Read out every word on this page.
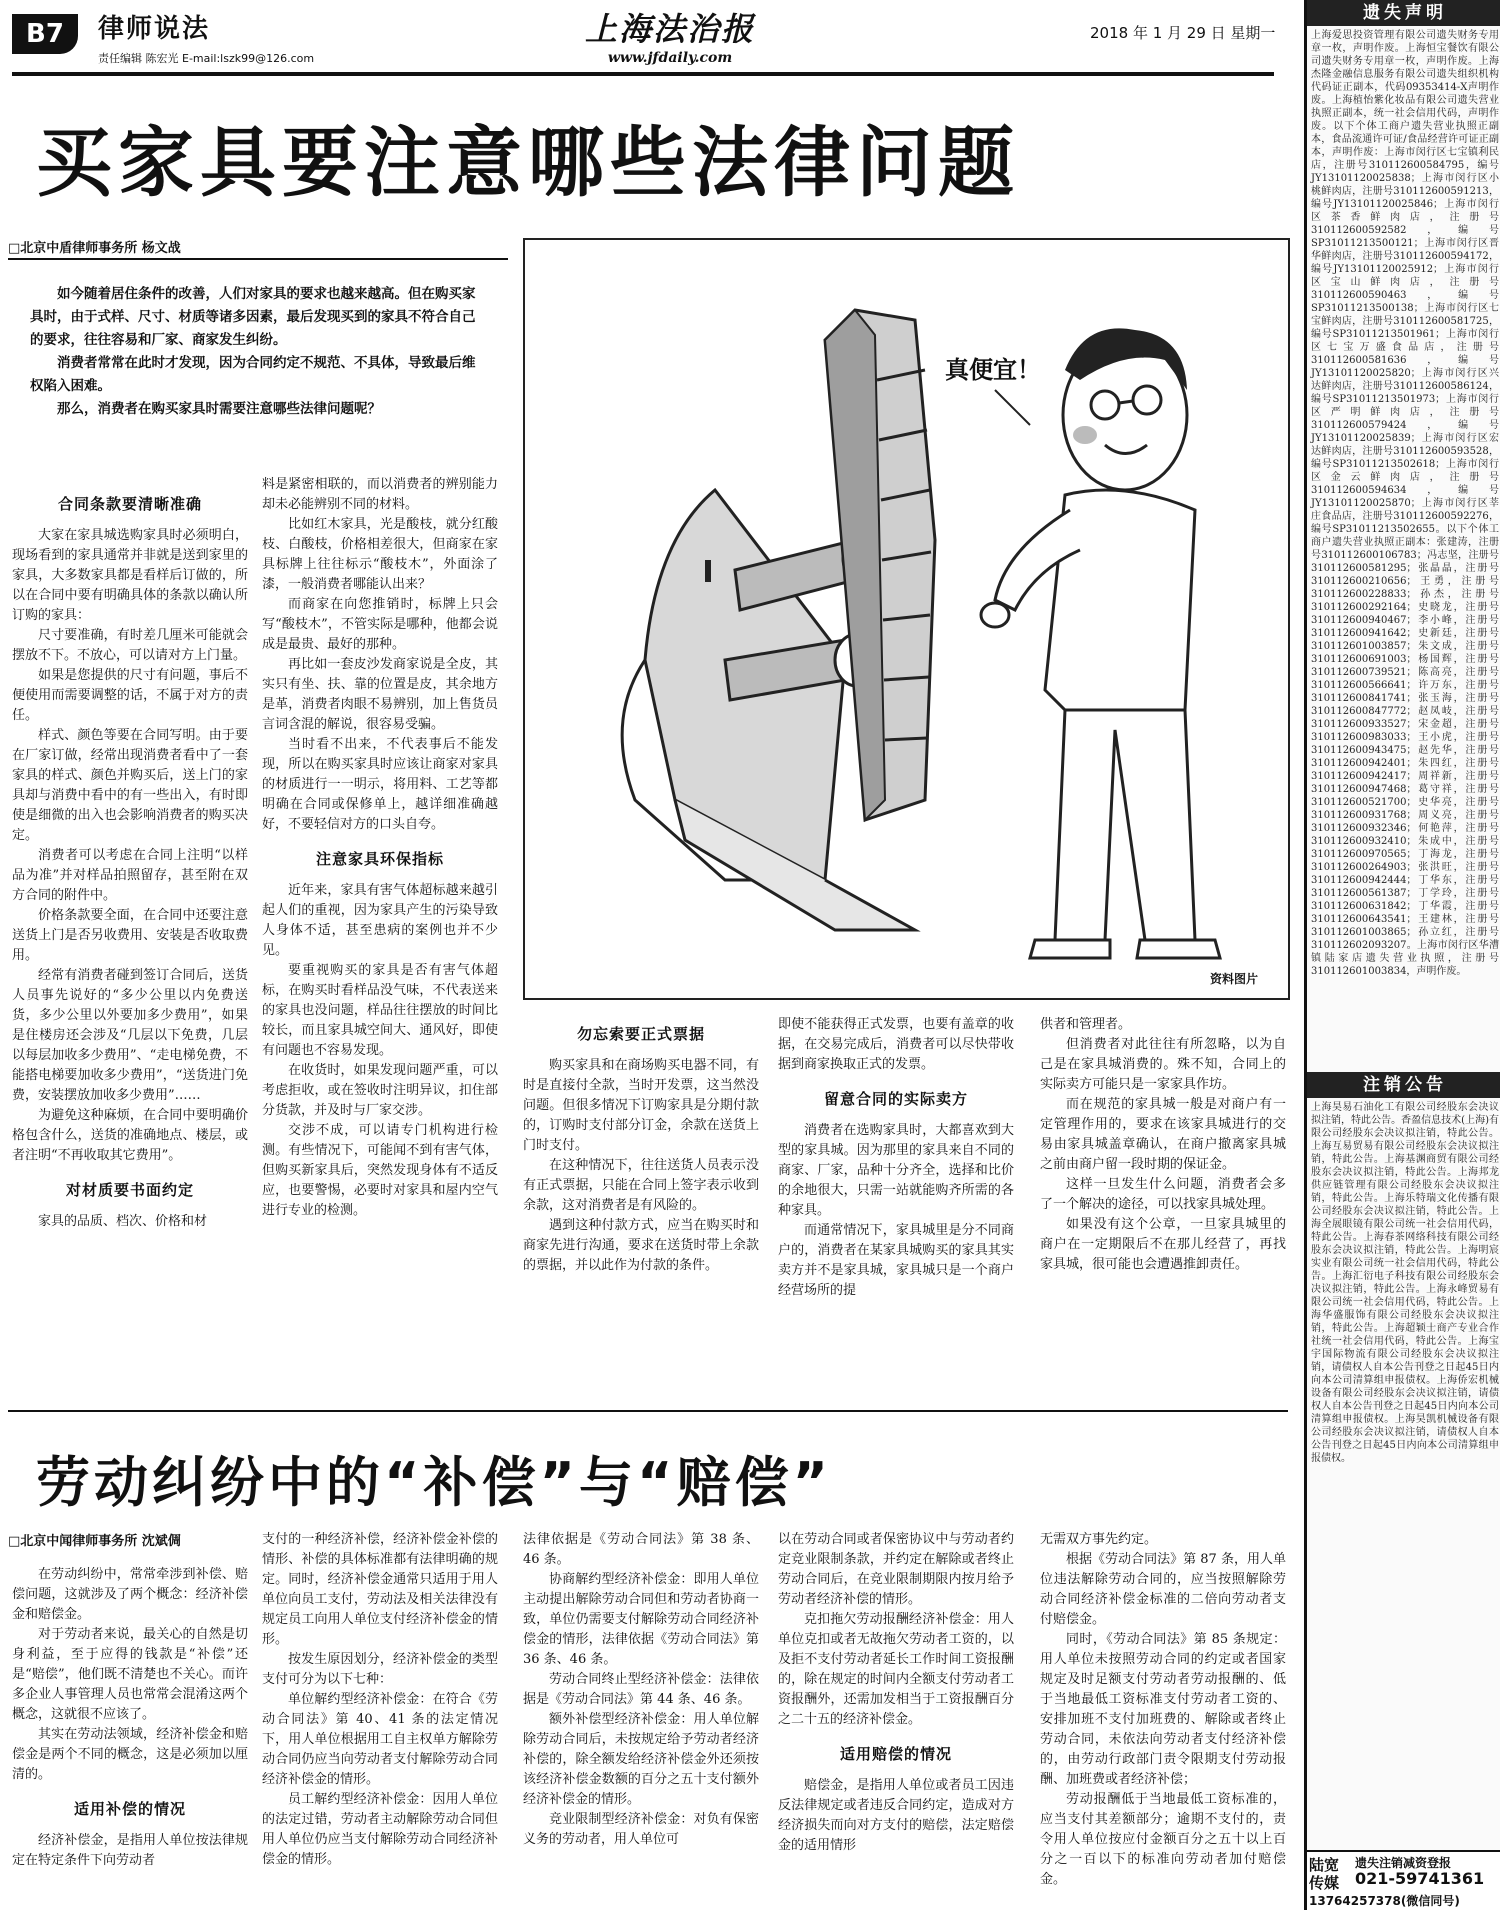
B7	律师说法
责任编辑 陈宏光 E-mail:lszk99@126.com
上海法治报
www.jfdaily.com
2018 年 1 月 29 日 星期一
买家具要注意哪些法律问题
□北京中盾律师事务所 杨文战

如今随着居住条件的改善，人们对家具的要求也越来越高。但在购买家具时，由于式样、尺寸、材质等诸多因素，最后发现买到的家具不符合自己的要求，往往容易和厂家、商家发生纠纷。

消费者常常在此时才发现，因为合同约定不规范、不具体，导致最后维权陷入困难。

那么，消费者在购买家具时需要注意哪些法律问题呢？

真便宜！
资料图片
合同条款要清晰准确

大家在家具城选购家具时必须明白，现场看到的家具通常并非就是送到家里的家具，大多数家具都是看样后订做的，所以在合同中要有明确具体的条款以确认所订购的家具：

尺寸要准确，有时差几厘米可能就会摆放不下。不放心，可以请对方上门量。

如果是您提供的尺寸有问题，事后不便使用而需要调整的话，不属于对方的责任。

样式、颜色等要在合同写明。由于要在厂家订做，经常出现消费者看中了一套家具的样式、颜色并购买后，送上门的家具却与消费中看中的有一些出入，有时即使是细微的出入也会影响消费者的购买决定。

消费者可以考虑在合同上注明“以样品为准”并对样品拍照留存，甚至附在双方合同的附件中。

价格条款要全面，在合同中还要注意送货上门是否另收费用、安装是否收取费用。

经常有消费者碰到签订合同后，送货人员事先说好的“多少公里以内免费送货，多少公里以外要加多少费用”，如果是住楼房还会涉及“几层以下免费，几层以每层加收多少费用”、“走电梯免费，不能搭电梯要加收多少费用”，“送货进门免费，安装摆放加收多少费用”……

为避免这种麻烦，在合同中要明确价格包含什么，送货的准确地点、楼层，或者注明“不再收取其它费用”。

对材质要书面约定

家具的品质、档次、价格和材

料是紧密相联的，而以消费者的辨别能力却未必能辨别不同的材料。

比如红木家具，光是酸枝，就分红酸枝、白酸枝，价格相差很大，但商家在家具标牌上往往标示“酸枝木”，外面涂了漆，一般消费者哪能认出来？

而商家在向您推销时，标牌上只会写“酸枝木”，不管实际是哪种，他都会说成是最贵、最好的那种。

再比如一套皮沙发商家说是全皮，其实只有坐、扶、靠的位置是皮，其余地方是革，消费者肉眼不易辨别，加上售货员言词含混的解说，很容易受骗。

当时看不出来，不代表事后不能发现，所以在购买家具时应该让商家对家具的材质进行一一明示，将用料、工艺等都明确在合同或保修单上，越详细准确越好，不要轻信对方的口头自夸。

注意家具环保指标

近年来，家具有害气体超标越来越引起人们的重视，因为家具产生的污染导致人身体不适，甚至患病的案例也并不少见。

要重视购买的家具是否有害气体超标，在购买时看样品没气味，不代表送来的家具也没问题，样品往往摆放的时间比较长，而且家具城空间大、通风好，即使有问题也不容易发现。

在收货时，如果发现问题严重，可以考虑拒收，或在签收时注明异议，扣住部分货款，并及时与厂家交涉。

交涉不成，可以请专门机构进行检测。有些情况下，可能闻不到有害气体，但购买新家具后，突然发现身体有不适反应，也要警惕，必要时对家具和屋内空气进行专业的检测。

勿忘索要正式票据

购买家具和在商场购买电器不同，有时是直接付全款，当时开发票，这当然没问题。但很多情况下订购家具是分期付款的，订购时支付部分订金，余款在送货上门时支付。

在这种情况下，往往送货人员表示没有正式票据，只能在合同上签字表示收到余款，这对消费者是有风险的。

遇到这种付款方式，应当在购买时和商家先进行沟通，要求在送货时带上余款的票据，并以此作为付款的条件。

即使不能获得正式发票，也要有盖章的收据，在交易完成后，消费者可以尽快带收据到商家换取正式的发票。

留意合同的实际卖方

消费者在选购家具时，大都喜欢到大型的家具城。因为那里的家具来自不同的商家、厂家，品种十分齐全，选择和比价的余地很大，只需一站就能购齐所需的各种家具。

而通常情况下，家具城里是分不同商户的，消费者在某家具城购买的家具其实卖方并不是家具城，家具城只是一个商户经营场所的提

供者和管理者。

但消费者对此往往有所忽略，以为自己是在家具城消费的。殊不知，合同上的实际卖方可能只是一家家具作坊。

而在规范的家具城一般是对商户有一定管理作用的，要求在该家具城进行的交易由家具城盖章确认，在商户撤离家具城之前由商户留一段时期的保证金。

这样一旦发生什么问题，消费者会多了一个解决的途径，可以找家具城处理。

如果没有这个公章，一旦家具城里的商户在一定期限后不在那儿经营了，再找家具城，很可能也会遭遇推卸责任。

劳动纠纷中的“补偿”与“赔偿”
□北京中闻律师事务所 沈斌倜

在劳动纠纷中，常常牵涉到补偿、赔偿问题，这就涉及了两个概念：经济补偿金和赔偿金。

对于劳动者来说，最关心的自然是切身利益，至于应得的钱款是“补偿”还是“赔偿”，他们既不清楚也不关心。而许多企业人事管理人员也常常会混淆这两个概念，这就很不应该了。

其实在劳动法领域，经济补偿金和赔偿金是两个不同的概念，这是必须加以厘清的。

适用补偿的情况

经济补偿金，是指用人单位按法律规定在特定条件下向劳动者

支付的一种经济补偿，经济补偿金补偿的情形、补偿的具体标准都有法律明确的规定。同时，经济补偿金通常只适用于用人单位向员工支付，劳动法及相关法律没有规定员工向用人单位支付经济补偿金的情形。

按发生原因划分，经济补偿金的类型支付可分为以下七种：

单位解约型经济补偿金：在符合《劳动合同法》第 40、41 条的法定情况下，用人单位根据用工自主权单方解除劳动合同仍应当向劳动者支付解除劳动合同经济补偿金的情形。

员工解约型经济补偿金：因用人单位的法定过错，劳动者主动解除劳动合同但用人单位仍应当支付解除劳动合同经济补偿金的情形。

法律依据是《劳动合同法》第 38 条、46 条。

协商解约型经济补偿金：即用人单位主动提出解除劳动合同但和劳动者协商一致，单位仍需要支付解除劳动合同经济补偿金的情形，法律依据《劳动合同法》第 36 条、46 条。

劳动合同终止型经济补偿金：法律依据是《劳动合同法》第 44 条、46 条。

额外补偿型经济补偿金：用人单位解除劳动合同后，未按规定给予劳动者经济补偿的，除全额发给经济补偿金外还须按该经济补偿金数额的百分之五十支付额外经济补偿金的情形。

竞业限制型经济补偿金：对负有保密义务的劳动者，用人单位可

以在劳动合同或者保密协议中与劳动者约定竞业限制条款，并约定在解除或者终止劳动合同后，在竞业限制期限内按月给予劳动者经济补偿的情形。

克扣拖欠劳动报酬经济补偿金：用人单位克扣或者无故拖欠劳动者工资的，以及拒不支付劳动者延长工作时间工资报酬的，除在规定的时间内全额支付劳动者工资报酬外，还需加发相当于工资报酬百分之二十五的经济补偿金。

适用赔偿的情况

赔偿金，是指用人单位或者员工因违反法律规定或者违反合同约定，造成对方经济损失而向对方支付的赔偿，法定赔偿金的适用情形

无需双方事先约定。

根据《劳动合同法》第 87 条，用人单位违法解除劳动合同的，应当按照解除劳动合同经济补偿金标准的二倍向劳动者支付赔偿金。

同时，《劳动合同法》第 85 条规定：用人单位未按照劳动合同的约定或者国家规定及时足额支付劳动者劳动报酬的、低于当地最低工资标准支付劳动者工资的、安排加班不支付加班费的、解除或者终止劳动合同，未依法向劳动者支付经济补偿的，由劳动行政部门责令限期支付劳动报酬、加班费或者经济补偿；

劳动报酬低于当地最低工资标准的，应当支付其差额部分；逾期不支付的，责令用人单位按应付金额百分之五十以上百分之一百以下的标准向劳动者加付赔偿金。

遗失声明
上海爱思投资管理有限公司遗失财务专用章一枚，声明作废。上海恒宝餐饮有限公司遗失财务专用章一枚，声明作废。上海杰隆金融信息服务有限公司遗失组织机构代码证正副本，代码09353414-X声明作废。上海植怡紫化妆品有限公司遗失营业执照正副本，统一社会信用代码，声明作废。以下个体工商户遗失营业执照正副本，食品流通许可证/食品经营许可证正副本，声明作废：上海市闵行区七宝镇利民店，注册号310112600584795，编号JY13101120025838；上海市闵行区小桃鲜肉店，注册号310112600591213，编号JY13101120025846；上海市闵行区茶香鲜肉店，注册号310112600592582，编号SP31011213500121；上海市闵行区晋华鲜肉店，注册号310112600594172，编号JY13101120025912；上海市闵行区宝山鲜肉店，注册号310112600590463，编号SP31011213500138；上海市闵行区七宝鲜肉店，注册号310112600581725，编号SP31011213501961；上海市闵行区七宝万盛食品店，注册号310112600581636，编号JY13101120025820；上海市闵行区兴达鲜肉店，注册号310112600586124，编号SP31011213501973；上海市闵行区严明鲜肉店，注册号310112600579424，编号JY13101120025839；上海市闵行区宏达鲜肉店，注册号310112600593528，编号SP31011213502618；上海市闵行区金云鲜肉店，注册号310112600594634，编号JY13101120025870；上海市闵行区莘庄食品店，注册号310112600592276，编号SP31011213502655。以下个体工商户遗失营业执照正副本：张建涛，注册号310112600106783；冯志坚，注册号310112600581295；张晶晶，注册号310112600210656；王勇，注册号310112600228833；孙杰，注册号310112600292164；史晓龙，注册号310112600940467；李小峰，注册号310112600941642；史新廷，注册号310112601003857；朱文成，注册号310112600691003；杨国辉，注册号310112600739521；陈高亮，注册号310112600566641；许万东，注册号310112600841741；张玉海，注册号310112600847772；赵凤岐，注册号310112600933527；宋金超，注册号310112600983033；王小虎，注册号310112600943475；赵先华，注册号310112600942401；朱四红，注册号310112600942417；周祥新，注册号310112600947468；葛守祥，注册号310112600521700；史华亮，注册号310112600931768；周义亮，注册号310112600932346；何艳萍，注册号310112600932410；朱成中，注册号310112600970565；丁海龙，注册号310112600264903；张洪旺，注册号310112600942444；丁华东，注册号310112600561387；丁学玲，注册号310112600631842；丁华霞，注册号310112600643541；王建林，注册号310112601003865；孙立红，注册号310112602093207。上海市闵行区华漕镇陆家店遗失营业执照，注册号310112601003834，声明作废。
注销公告
上海昊易石油化工有限公司经股东会决议拟注销，特此公告。香盈信息技术(上海)有限公司经股东会决议拟注销，特此公告。上海互易贸易有限公司经股东会决议拟注销，特此公告。上海基渊商贸有限公司经股东会决议拟注销，特此公告。上海邦龙供应链管理有限公司经股东会决议拟注销，特此公告。上海乐特瑞文化传播有限公司经股东会决议拟注销，特此公告。上海全展眼镜有限公司统一社会信用代码，特此公告。上海春茶网络科技有限公司经股东会决议拟注销，特此公告。上海明宸实业有限公司统一社会信用代码，特此公告。上海汇衍电子科技有限公司经股东会决议拟注销，特此公告。上海永峰贸易有限公司统一社会信用代码，特此公告。上海华盛服饰有限公司经股东会决议拟注销，特此公告。上海超颖士商产专业合作社统一社会信用代码，特此公告。上海宝宇国际物流有限公司经股东会决议拟注销，请债权人自本公告刊登之日起45日内向本公司清算组申报债权。上海侨宏机械设备有限公司经股东会决议拟注销，请债权人自本公告刊登之日起45日内向本公司清算组申报债权。上海昊凯机械设备有限公司经股东会决议拟注销，请债权人自本公告刊登之日起45日内向本公司清算组申报债权。
陆宽传媒
遗失注销减资登报
021-59741361
13764257378(微信同号)
